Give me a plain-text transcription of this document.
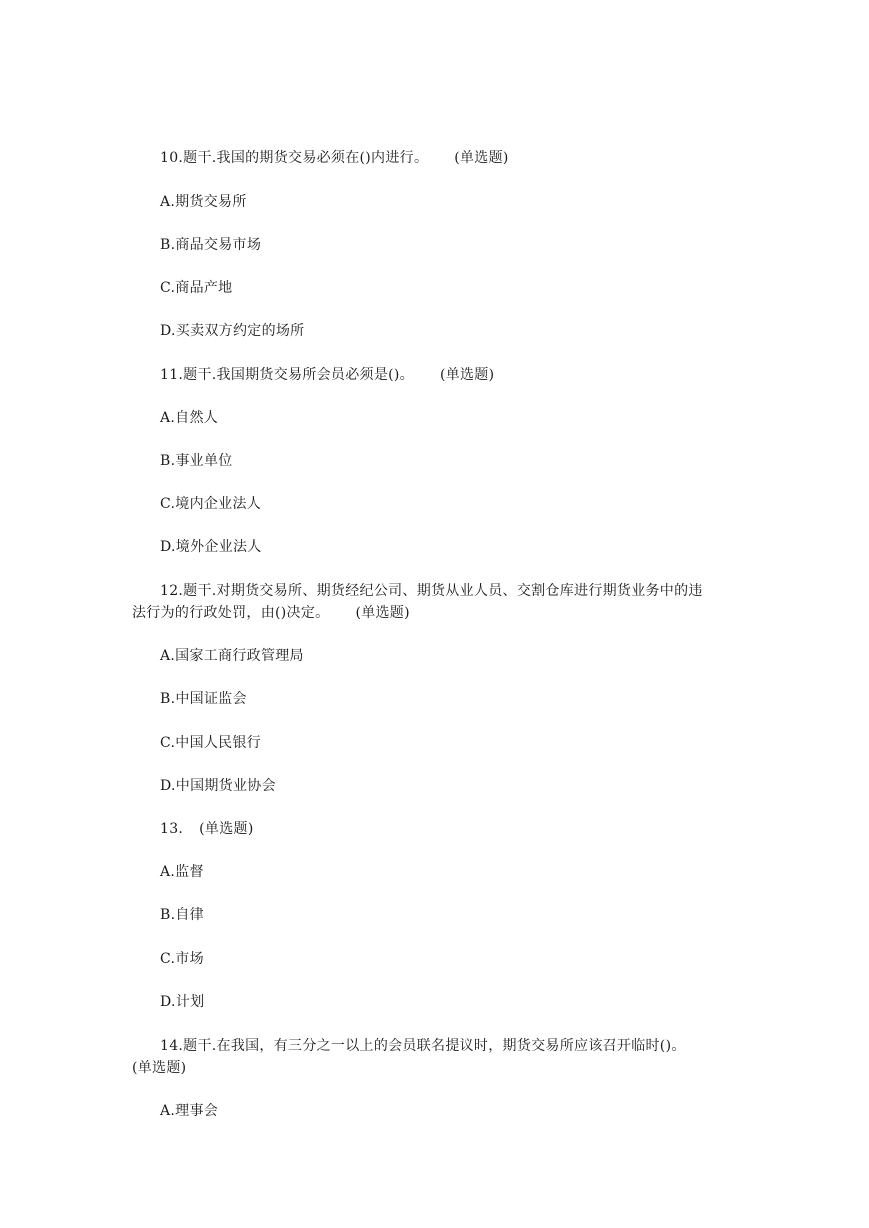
10.题干.我国的期货交易必须在()内进行。 (单选题)
A.期货交易所
B.商品交易市场
C.商品产地
D.买卖双方约定的场所
11.题干.我国期货交易所会员必须是()。 (单选题)
A.自然人
B.事业单位
C.境内企业法人
D.境外企业法人
12.题干.对期货交易所、期货经纪公司、期货从业人员、交割仓库进行期货业务中的违
法行为的行政处罚，由()决定。 (单选题)
A.国家工商行政管理局
B.中国证监会
C.中国人民银行
D.中国期货业协会
13. (单选题)
A.监督
B.自律
C.市场
D.计划
14.题干.在我国，有三分之一以上的会员联名提议时，期货交易所应该召开临时()。
(单选题)
A.理事会
